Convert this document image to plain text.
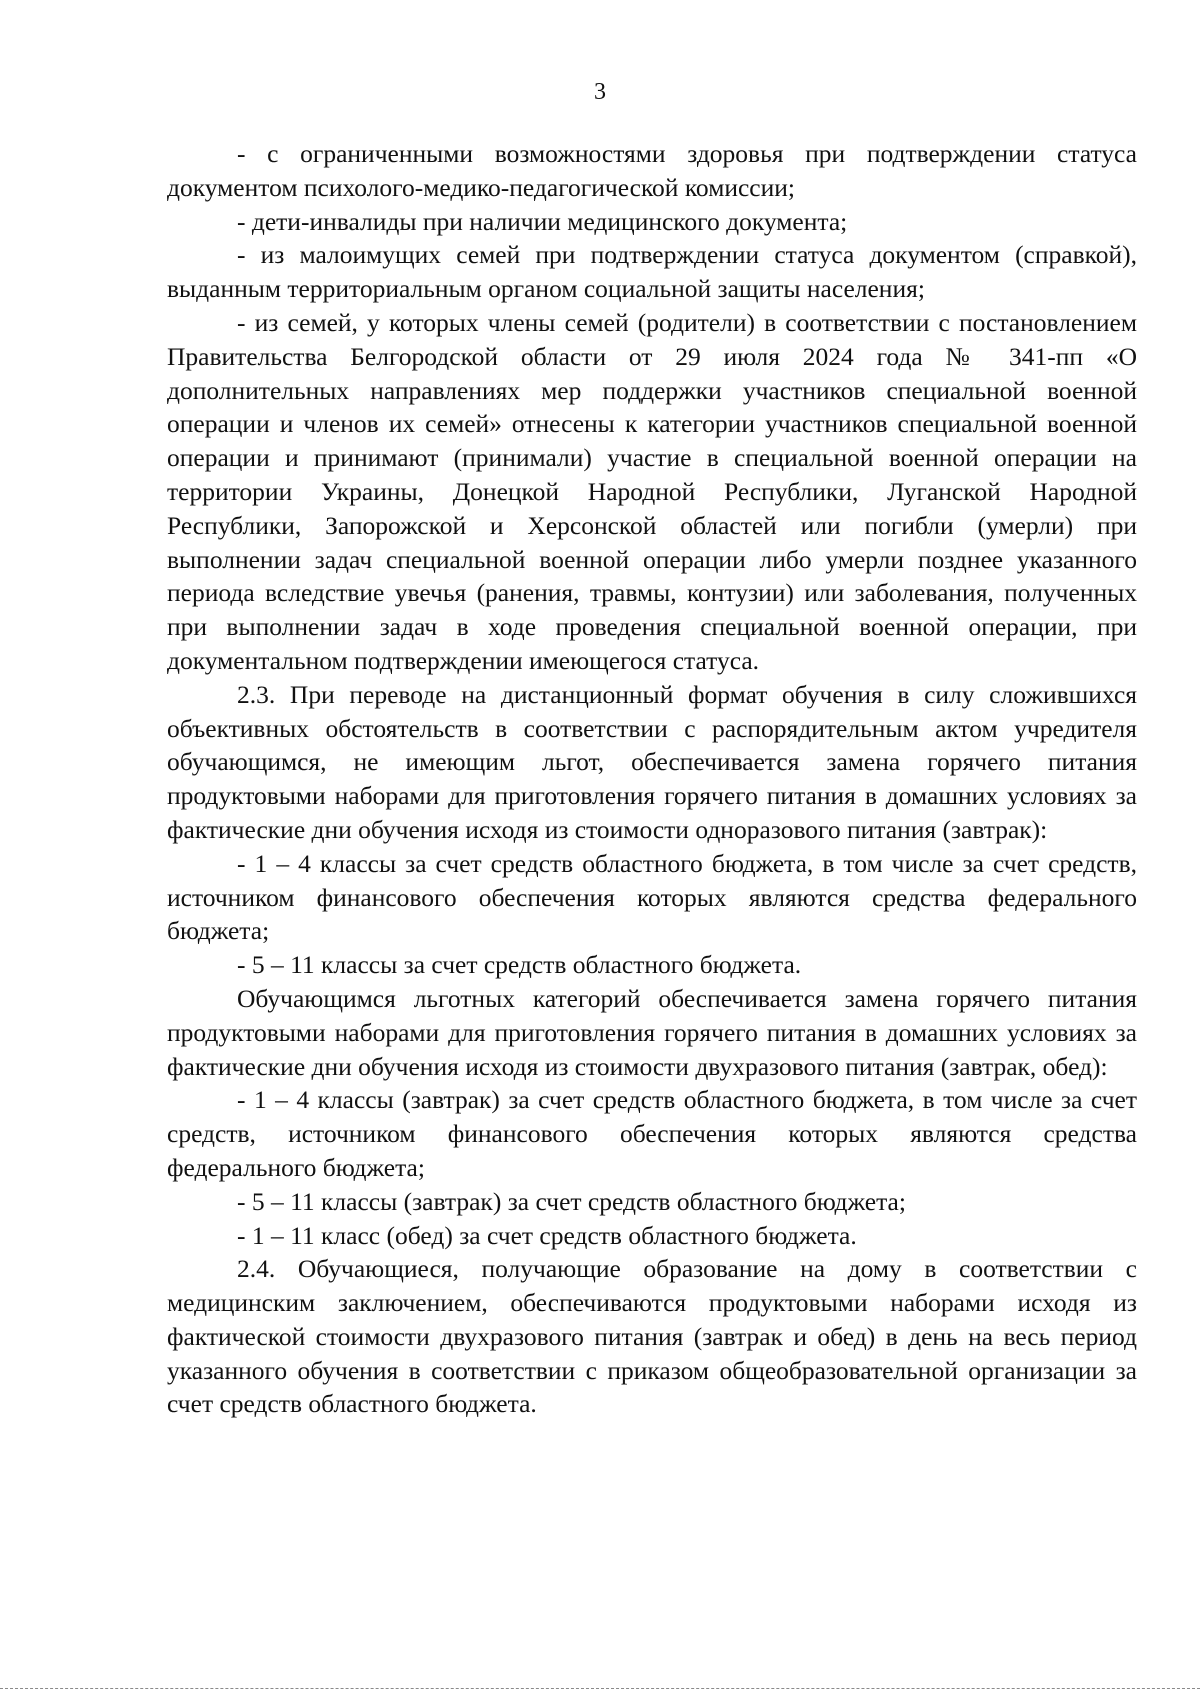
3

- с ограниченными возможностями здоровья при подтверждении статуса документом психолого-медико-педагогической комиссии;

- дети-инвалиды при наличии медицинского документа;

- из малоимущих семей при подтверждении статуса документом (справкой), выданным территориальным органом социальной защиты населения;

- из семей, у которых члены семей (родители) в соответствии с постановлением Правительства Белгородской области от 29 июля 2024 года № 341-пп «О дополнительных направлениях мер поддержки участников специальной военной операции и членов их семей» отнесены к категории участников специальной военной операции и принимают (принимали) участие в специальной военной операции на территории Украины, Донецкой Народной Республики, Луганской Народной Республики, Запорожской и Херсонской областей или погибли (умерли) при выполнении задач специальной военной операции либо умерли позднее указанного периода вследствие увечья (ранения, травмы, контузии) или заболевания, полученных при выполнении задач в ходе проведения специальной военной операции, при документальном подтверждении имеющегося статуса.

2.3. При переводе на дистанционный формат обучения в силу сложившихся объективных обстоятельств в соответствии с распорядительным актом учредителя обучающимся, не имеющим льгот, обеспечивается замена горячего питания продуктовыми наборами для приготовления горячего питания в домашних условиях за фактические дни обучения исходя из стоимости одноразового питания (завтрак):

- 1 – 4 классы за счет средств областного бюджета, в том числе за счет средств, источником финансового обеспечения которых являются средства федерального бюджета;

- 5 – 11 классы за счет средств областного бюджета.

Обучающимся льготных категорий обеспечивается замена горячего питания продуктовыми наборами для приготовления горячего питания в домашних условиях за фактические дни обучения исходя из стоимости двухразового питания (завтрак, обед):

- 1 – 4 классы (завтрак) за счет средств областного бюджета, в том числе за счет средств, источником финансового обеспечения которых являются средства федерального бюджета;

- 5 – 11 классы (завтрак) за счет средств областного бюджета;

- 1 – 11 класс (обед) за счет средств областного бюджета.

2.4. Обучающиеся, получающие образование на дому в соответствии с медицинским заключением, обеспечиваются продуктовыми наборами исходя из фактической стоимости двухразового питания (завтрак и обед) в день на весь период указанного обучения в соответствии с приказом общеобразовательной организации за счет средств областного бюджета.
